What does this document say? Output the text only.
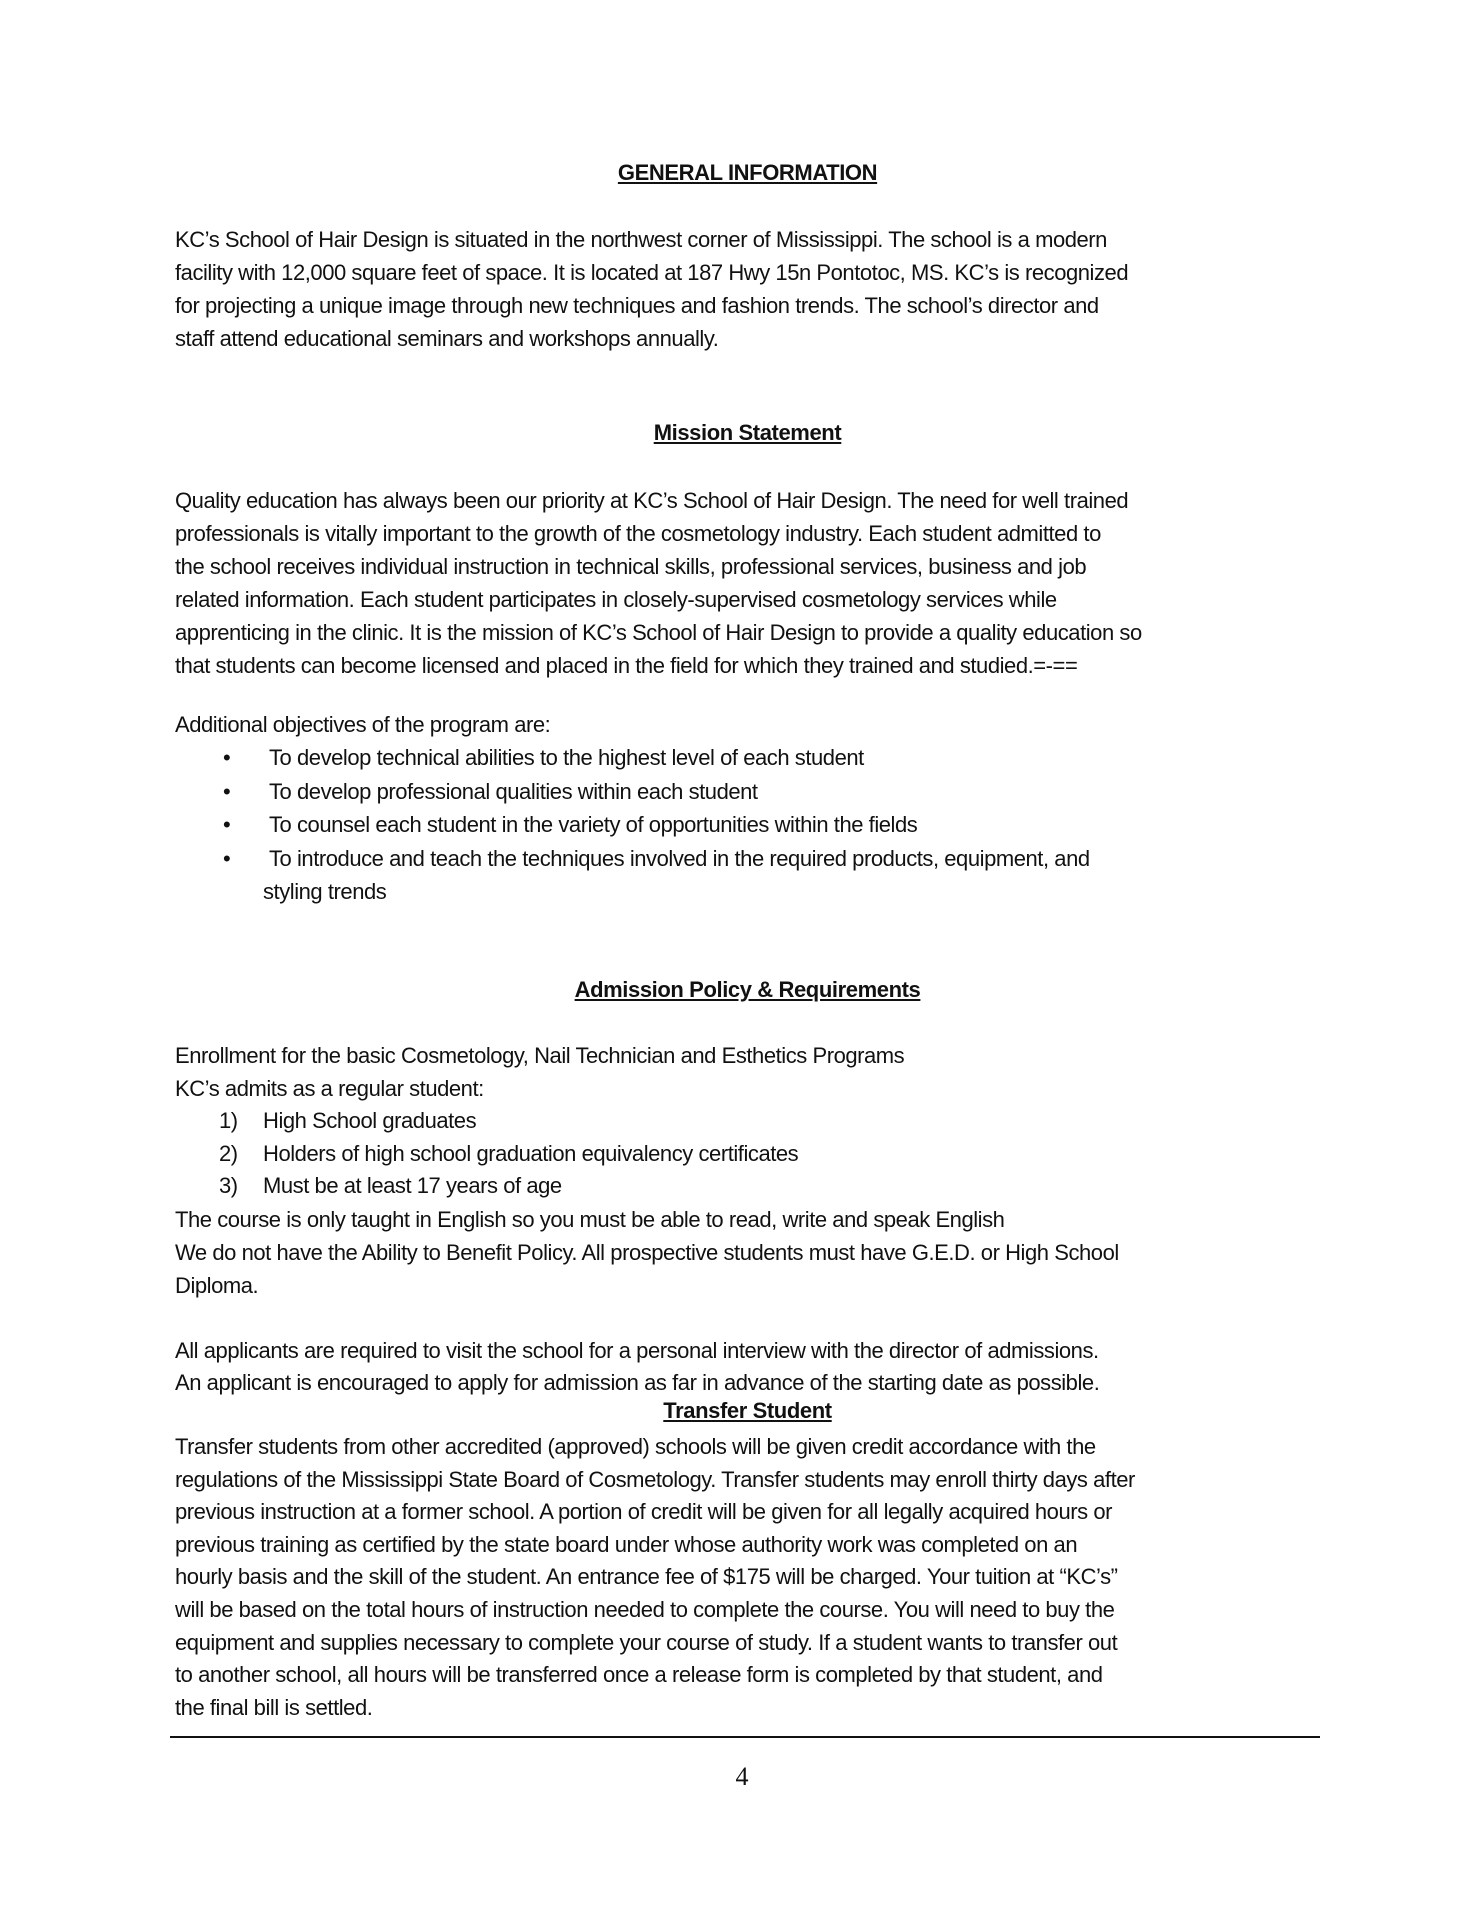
GENERAL INFORMATION
KC’s School of Hair Design is situated in the northwest corner of Mississippi. The school is a modern
facility with 12,000 square feet of space. It is located at 187 Hwy 15n Pontotoc, MS. KC’s is recognized
for projecting a unique image through new techniques and fashion trends. The school’s director and
staff attend educational seminars and workshops annually.
Mission Statement
Quality education has always been our priority at KC’s School of Hair Design. The need for well trained
professionals is vitally important to the growth of the cosmetology industry. Each student admitted to
the school receives individual instruction in technical skills, professional services, business and job
related information. Each student participates in closely-supervised cosmetology services while
apprenticing in the clinic. It is the mission of KC’s School of Hair Design to provide a quality education so
that students can become licensed and placed in the field for which they trained and studied.=-==
Additional objectives of the program are:
• To develop technical abilities to the highest level of each student
• To develop professional qualities within each student
• To counsel each student in the variety of opportunities within the fields
• To introduce and teach the techniques involved in the required products, equipment, and
styling trends
Admission Policy & Requirements
Enrollment for the basic Cosmetology, Nail Technician and Esthetics Programs
KC’s admits as a regular student:
1) High School graduates
2) Holders of high school graduation equivalency certificates
3) Must be at least 17 years of age
The course is only taught in English so you must be able to read, write and speak English
We do not have the Ability to Benefit Policy. All prospective students must have G.E.D. or High School
Diploma.
All applicants are required to visit the school for a personal interview with the director of admissions.
An applicant is encouraged to apply for admission as far in advance of the starting date as possible.
Transfer Student
Transfer students from other accredited (approved) schools will be given credit accordance with the
regulations of the Mississippi State Board of Cosmetology. Transfer students may enroll thirty days after
previous instruction at a former school. A portion of credit will be given for all legally acquired hours or
previous training as certified by the state board under whose authority work was completed on an
hourly basis and the skill of the student. An entrance fee of $175 will be charged. Your tuition at “KC’s”
will be based on the total hours of instruction needed to complete the course. You will need to buy the
equipment and supplies necessary to complete your course of study. If a student wants to transfer out
to another school, all hours will be transferred once a release form is completed by that student, and
the final bill is settled.
4
